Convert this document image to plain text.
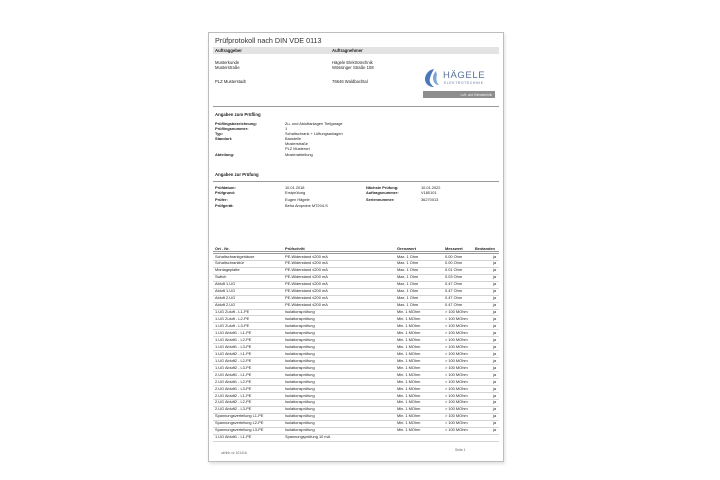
Prüfprotokoll nach DIN VDE 0113
Auftraggeber	Auftragnehmer
Musterkunde
Musterstraße
PLZ Musterstadt
Hägele Elektrotechnik
Wössinger Straße 108
76646 Waldbachtal
HÄGELE
ELEKTROTECHNIK
Luft- und Klimatechnik
Angaben zum Prüfling
Prüflingsbezeichnung:	Zu- und Abluftanlagen Tiefgarage
Prüflingsnummer:	1
Typ:	Schaltschrank + Lüftungsanlagen
Standort:	Baustelle
Musterstraße
PLZ Musterort
Abteilung:	Musterabteilung
Angaben zur Prüfung
Prüfdatum:	10.01.2018
Prüfgrund:	Erstprüfung
Prüfer:	Eugen Hägele
Prüfgerät:	Beha Amprobe MT204-S
Nächste Prüfung:	10.01.2022
Auftragsnummer:	V180101
Seriennummer:	36270013
Ort - Nr.	Prüfschritt	Grenzwert	Messwert	Bestanden
Schaltschrankgehäuse	PE-Widerstand ≤200 mA	Max. 1 Ohm	0.00 Ohm	ja
Schaltschranktür	PE-Widerstand ≤200 mA	Max. 1 Ohm	0.00 Ohm	ja
Montageplatte	PE-Widerstand ≤200 mA	Max. 1 Ohm	0.01 Ohm	ja
Switch	PE-Widerstand ≤200 mA	Max. 1 Ohm	0.03 Ohm	ja
Abluft 1.UG	PE-Widerstand ≤200 mA	Max. 1 Ohm	0.47 Ohm	ja
Abluft 1.UG	PE-Widerstand ≤200 mA	Max. 1 Ohm	0.47 Ohm	ja
Abluft 2.UG	PE-Widerstand ≤200 mA	Max. 1 Ohm	0.47 Ohm	ja
Abluft 2.UG	PE-Widerstand ≤200 mA	Max. 1 Ohm	0.47 Ohm	ja
1.UG Zuluft - L1-PE	Isolationsprüfung	Min. 1 MOhm	> 100 MOhm	ja
1.UG Zuluft - L2-PE	Isolationsprüfung	Min. 1 MOhm	> 100 MOhm	ja
1.UG Zuluft - L3-PE	Isolationsprüfung	Min. 1 MOhm	> 100 MOhm	ja
1.UG Abluft1 - L1-PE	Isolationsprüfung	Min. 1 MOhm	> 100 MOhm	ja
1.UG Abluft1 - L2-PE	Isolationsprüfung	Min. 1 MOhm	> 100 MOhm	ja
1.UG Abluft1 - L3-PE	Isolationsprüfung	Min. 1 MOhm	> 100 MOhm	ja
1.UG Abluft2 - L1-PE	Isolationsprüfung	Min. 1 MOhm	> 100 MOhm	ja
1.UG Abluft2 - L2-PE	Isolationsprüfung	Min. 1 MOhm	> 100 MOhm	ja
1.UG Abluft2 - L3-PE	Isolationsprüfung	Min. 1 MOhm	> 100 MOhm	ja
2.UG Abluft1 - L1-PE	Isolationsprüfung	Min. 1 MOhm	> 100 MOhm	ja
2.UG Abluft1 - L2-PE	Isolationsprüfung	Min. 1 MOhm	> 100 MOhm	ja
2.UG Abluft1 - L3-PE	Isolationsprüfung	Min. 1 MOhm	> 100 MOhm	ja
2.UG Abluft2 - L1-PE	Isolationsprüfung	Min. 1 MOhm	> 100 MOhm	ja
2.UG Abluft2 - L2-PE	Isolationsprüfung	Min. 1 MOhm	> 100 MOhm	ja
2.UG Abluft2 - L3-PE	Isolationsprüfung	Min. 1 MOhm	> 100 MOhm	ja
Spannungsverteilung L1-PE	Isolationsprüfung	Min. 1 MOhm	> 100 MOhm	ja
Spannungsverteilung L2-PE	Isolationsprüfung	Min. 1 MOhm	> 100 MOhm	ja
Spannungsverteilung L3-PE	Isolationsprüfung	Min. 1 MOhm	> 100 MOhm	ja
1.UG Abluft1 - L1-PE	Spannungsprüfung 10 mA
ukhhh xz 101416
Seite 1
